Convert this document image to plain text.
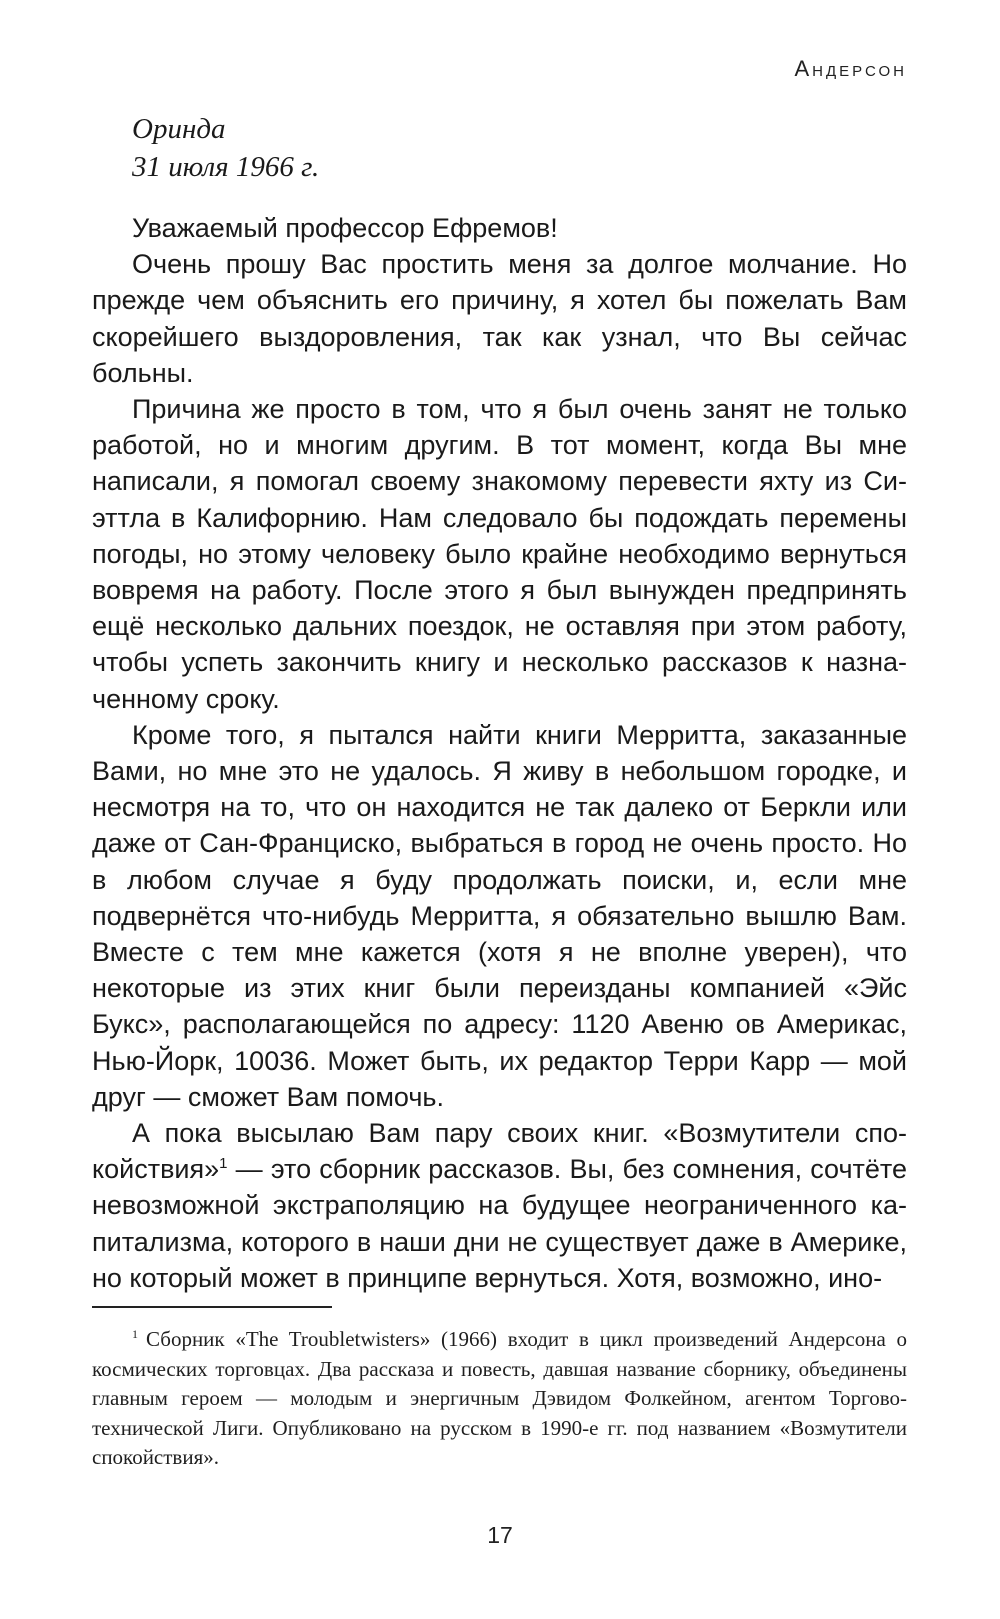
Андерсон
Оринда
31 июля 1966 г.

Уважаемый профессор Ефремов!

Очень прошу Вас простить меня за долгое молчание. Но прежде чем объяснить его причину, я хотел бы пожелать Вам скорейшего выздоровления, так как узнал, что Вы сейчас больны.

Причина же просто в том, что я был очень занят не только работой, но и многим другим. В тот момент, когда Вы мне написали, я помогал своему знакомому перевести яхту из Сиэттла в Калифорнию. Нам следовало бы подождать перемены погоды, но этому человеку было крайне необходимо вернуться вовремя на работу. После этого я был вынужден предпринять ещё несколько дальних поездок, не оставляя при этом работу, чтобы успеть закончить книгу и несколько рассказов к назначенному сроку.

Кроме того, я пытался найти книги Мерритта, заказанные Вами, но мне это не удалось. Я живу в небольшом городке, и несмотря на то, что он находится не так далеко от Беркли или даже от Сан-Франциско, выбраться в город не очень просто. Но в любом случае я буду продолжать поиски, и, если мне подвернётся что-нибудь Мерритта, я обязательно вышлю Вам. Вместе с тем мне кажется (хотя я не вполне уверен), что некоторые из этих книг были переизданы компанией «Эйс Букс», располагающейся по адресу: 1120 Авеню ов Америкас, Нью-Йорк, 10036. Может быть, их редактор Терри Карр — мой друг — сможет Вам помочь.

А пока высылаю Вам пару своих книг. «Возмутители спокойствия»$^1$ — это сборник рассказов. Вы, без сомнения, сочтёте невозможной экстраполяцию на будущее неограниченного капитализма, которого в наши дни не существует даже в Америке, но который может в принципе вернуться. Хотя, возможно, ино-

$^1$ Сборник «The Troubletwisters» (1966) входит в цикл произведений Андерсона о космических торговцах. Два рассказа и повесть, давшая название сборнику, объединены главным героем — молодым и энергичным Дэвидом Фолкейном, агентом Торгово-технической Лиги. Опубликовано на русском в 1990-е гг. под названием «Возмутители спокойствия».
17
